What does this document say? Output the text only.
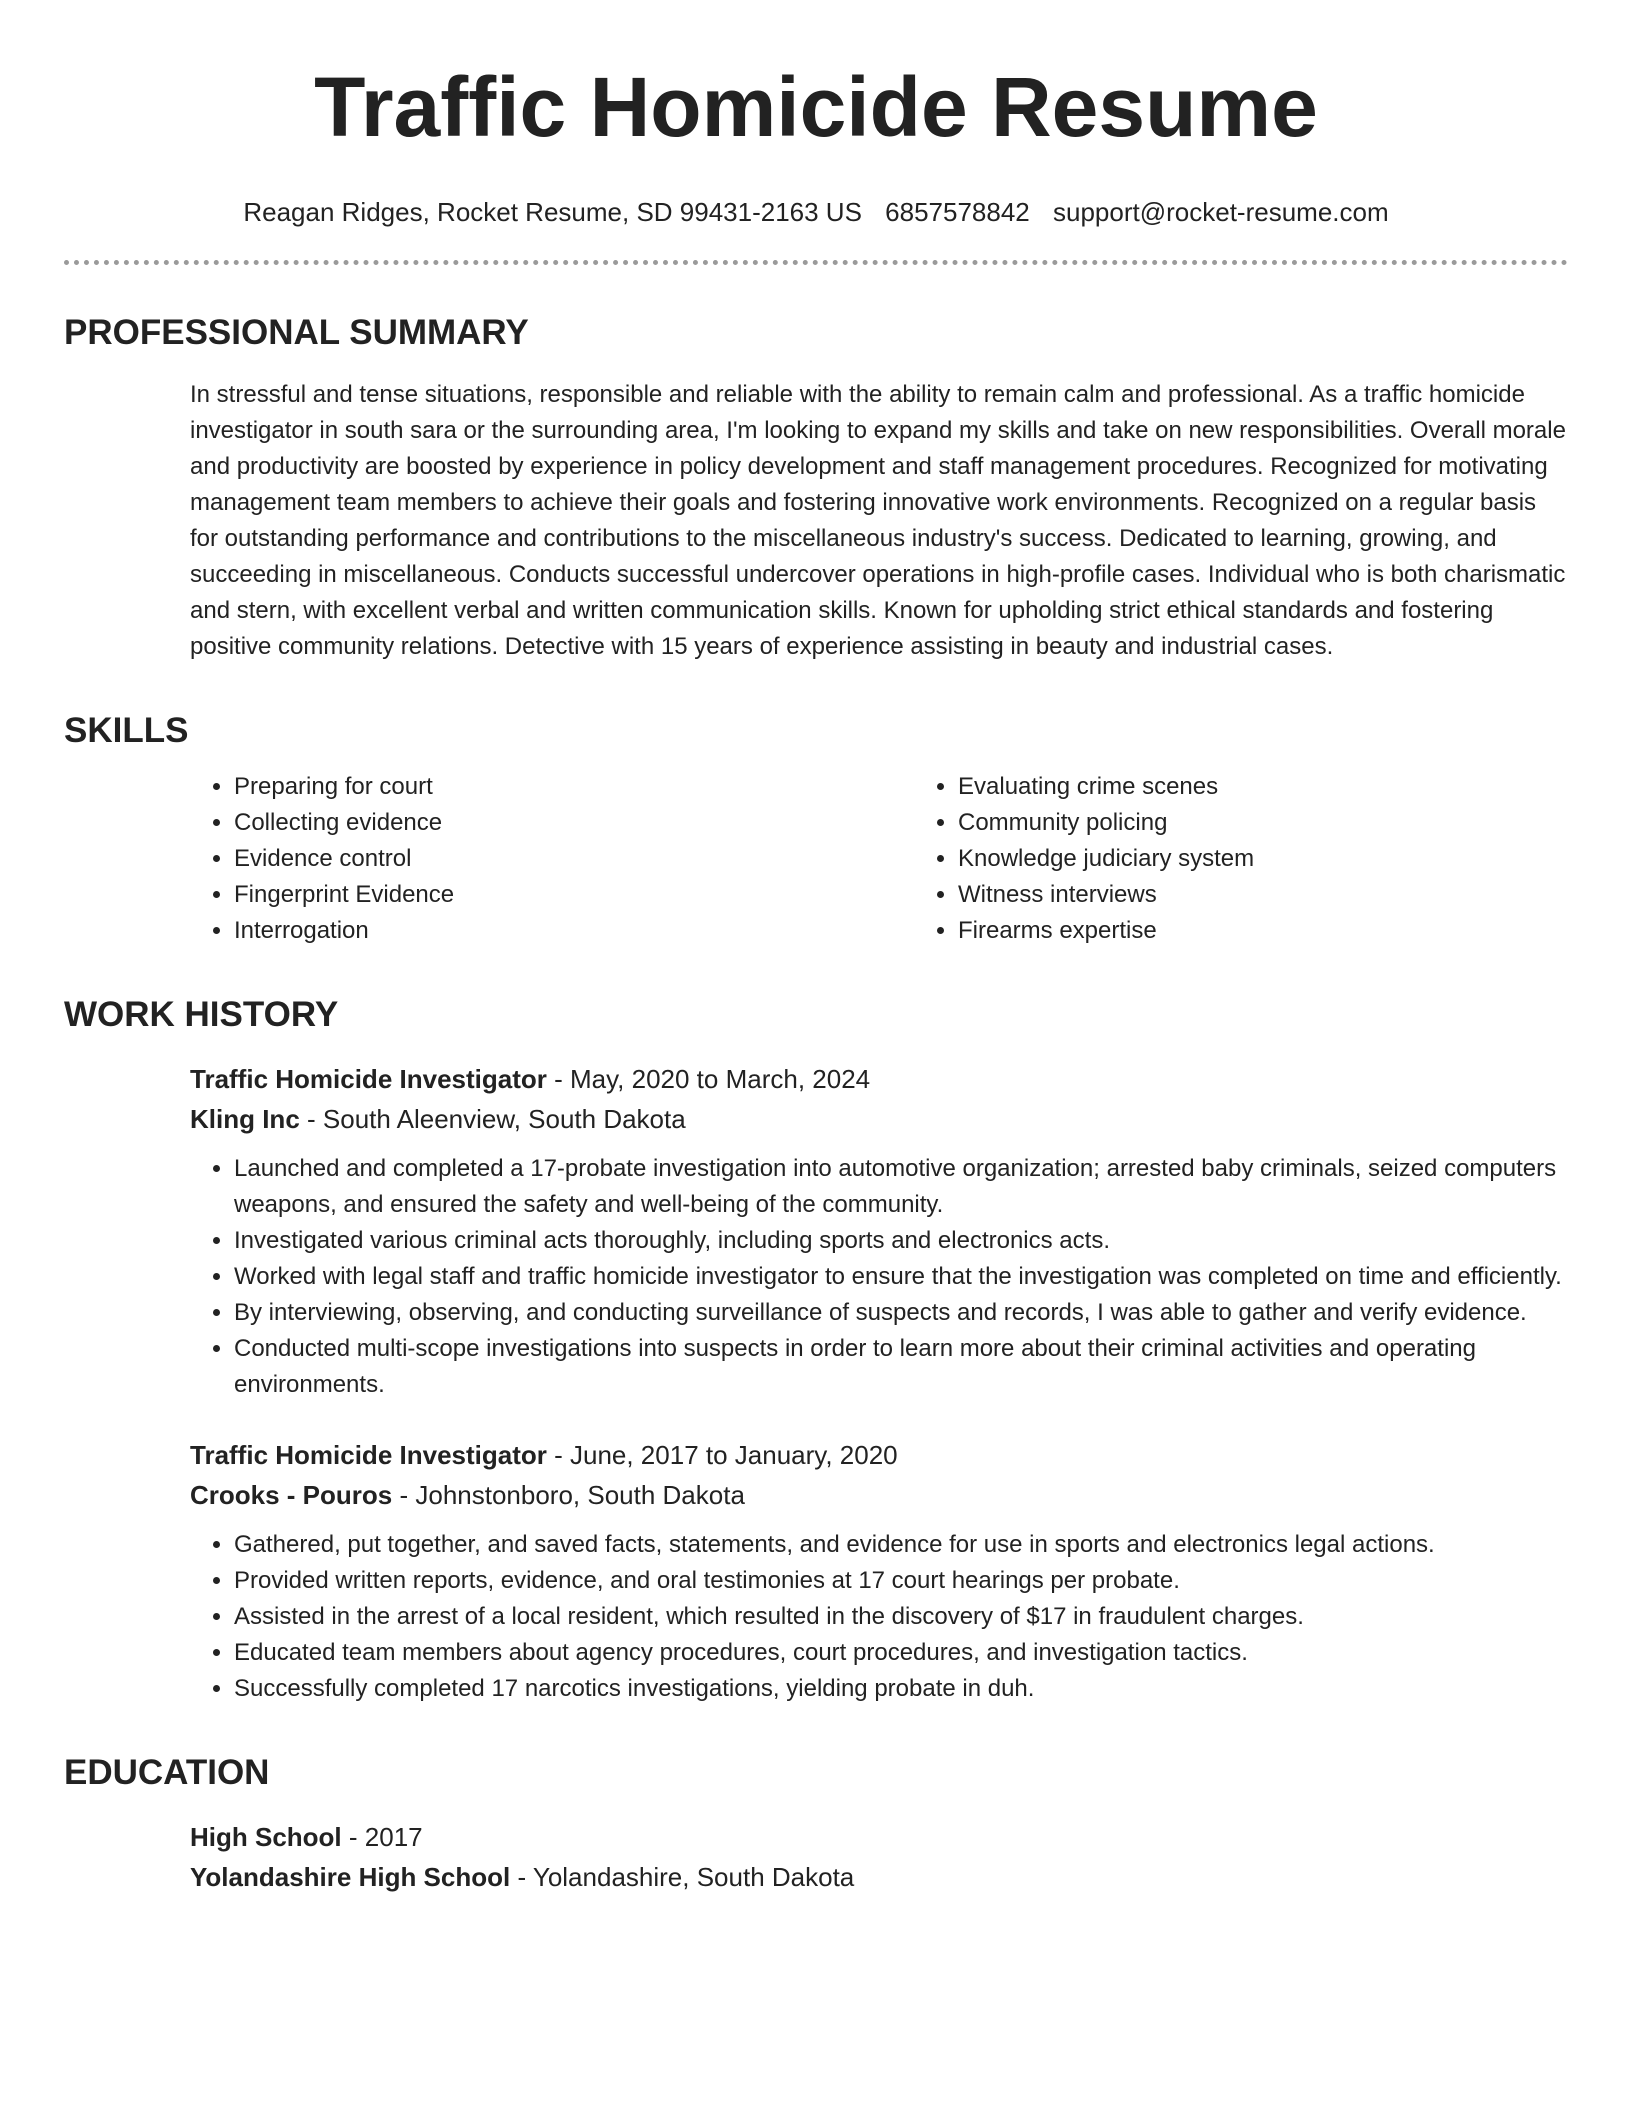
Traffic Homicide Resume
Reagan Ridges, Rocket Resume, SD 99431-2163 US 6857578842 support@rocket-resume.com
PROFESSIONAL SUMMARY
In stressful and tense situations, responsible and reliable with the ability to remain calm and professional. As a traffic homicide investigator in south sara or the surrounding area, I'm looking to expand my skills and take on new responsibilities. Overall morale and productivity are boosted by experience in policy development and staff management procedures. Recognized for motivating management team members to achieve their goals and fostering innovative work environments. Recognized on a regular basis for outstanding performance and contributions to the miscellaneous industry's success. Dedicated to learning, growing, and succeeding in miscellaneous. Conducts successful undercover operations in high-profile cases. Individual who is both charismatic and stern, with excellent verbal and written communication skills. Known for upholding strict ethical standards and fostering positive community relations. Detective with 15 years of experience assisting in beauty and industrial cases.
SKILLS
• Preparing for court
• Collecting evidence
• Evidence control
• Fingerprint Evidence
• Interrogation
• Evaluating crime scenes
• Community policing
• Knowledge judiciary system
• Witness interviews
• Firearms expertise
WORK HISTORY
Traffic Homicide Investigator - May, 2020 to March, 2024
Kling Inc - South Aleenview, South Dakota
• Launched and completed a 17-probate investigation into automotive organization; arrested baby criminals, seized computers weapons, and ensured the safety and well-being of the community.
• Investigated various criminal acts thoroughly, including sports and electronics acts.
• Worked with legal staff and traffic homicide investigator to ensure that the investigation was completed on time and efficiently.
• By interviewing, observing, and conducting surveillance of suspects and records, I was able to gather and verify evidence.
• Conducted multi-scope investigations into suspects in order to learn more about their criminal activities and operating environments.
Traffic Homicide Investigator - June, 2017 to January, 2020
Crooks - Pouros - Johnstonboro, South Dakota
• Gathered, put together, and saved facts, statements, and evidence for use in sports and electronics legal actions.
• Provided written reports, evidence, and oral testimonies at 17 court hearings per probate.
• Assisted in the arrest of a local resident, which resulted in the discovery of $17 in fraudulent charges.
• Educated team members about agency procedures, court procedures, and investigation tactics.
• Successfully completed 17 narcotics investigations, yielding probate in duh.
EDUCATION
High School - 2017
Yolandashire High School - Yolandashire, South Dakota
